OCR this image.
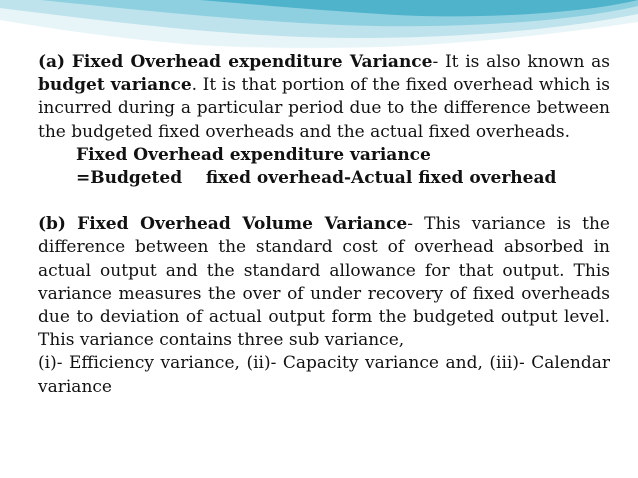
(a) Fixed Overhead expenditure Variance- It is also known as budget variance. It is that portion of the fixed overhead which is incurred during a particular period due to the difference between the budgeted fixed overheads and the actual fixed overheads.

Fixed Overhead expenditure variance

=Budgeted fixed overhead-Actual fixed overhead

(b) Fixed Overhead Volume Variance- This variance is the difference between the standard cost of overhead absorbed in actual output and the standard allowance for that output. This variance measures the over of under recovery of fixed overheads due to deviation of actual output form the budgeted output level. This variance contains three sub variance,

(i)- Efficiency variance, (ii)- Capacity variance and, (iii)- Calendar variance
